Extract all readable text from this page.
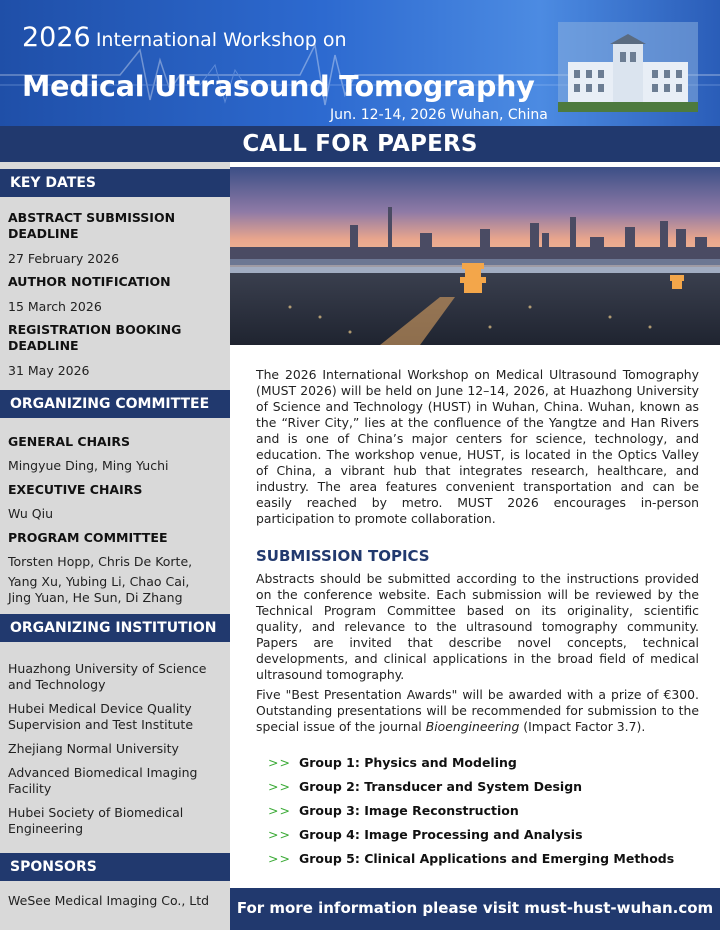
2026 International Workshop on
Medical Ultrasound Tomography
Jun. 12-14, 2026 Wuhan, China
CALL FOR PAPERS
KEY DATES
ABSTRACT SUBMISSION DEADLINE
27 February 2026
AUTHOR NOTIFICATION
15 March 2026
REGISTRATION BOOKING DEADLINE
31 May 2026
ORGANIZING COMMITTEE
GENERAL CHAIRS
Mingyue Ding, Ming Yuchi
EXECUTIVE CHAIRS
Wu Qiu
PROGRAM COMMITTEE
Torsten Hopp, Chris De Korte,
Yang Xu, Yubing Li, Chao Cai,
Jing Yuan, He Sun, Di Zhang
ORGANIZING INSTITUTION
Huazhong University of Science and Technology
Hubei Medical Device Quality Supervision and Test Institute
Zhejiang Normal University
Advanced Biomedical Imaging Facility
Hubei Society of Biomedical Engineering
SPONSORS
WeSee Medical Imaging Co., Ltd
The 2026 International Workshop on Medical Ultrasound Tomography (MUST 2026) will be held on June 12–14, 2026, at Huazhong University of Science and Technology (HUST) in Wuhan, China. Wuhan, known as the “River City,” lies at the confluence of the Yangtze and Han Rivers and is one of China’s major centers for science, technology, and education. The workshop venue, HUST, is located in the Optics Valley of China, a vibrant hub that integrates research, healthcare, and industry. The area features convenient transportation and can be easily reached by metro. MUST 2026 encourages in-person participation to promote collaboration.
SUBMISSION TOPICS
Abstracts should be submitted according to the instructions provided on the conference website. Each submission will be reviewed by the Technical Program Committee based on its originality, scientific quality, and relevance to the ultrasound tomography community. Papers are invited that describe novel concepts, technical developments, and clinical applications in the broad field of medical ultrasound tomography.
Five "Best Presentation Awards" will be awarded with a prize of €300. Outstanding presentations will be recommended for submission to the special issue of the journal Bioengineering (Impact Factor 3.7).
>> Group 1: Physics and Modeling
>> Group 2: Transducer and System Design
>> Group 3: Image Reconstruction
>> Group 4: Image Processing and Analysis
>> Group 5: Clinical Applications and Emerging Methods
For more information please visit must-hust-wuhan.com
